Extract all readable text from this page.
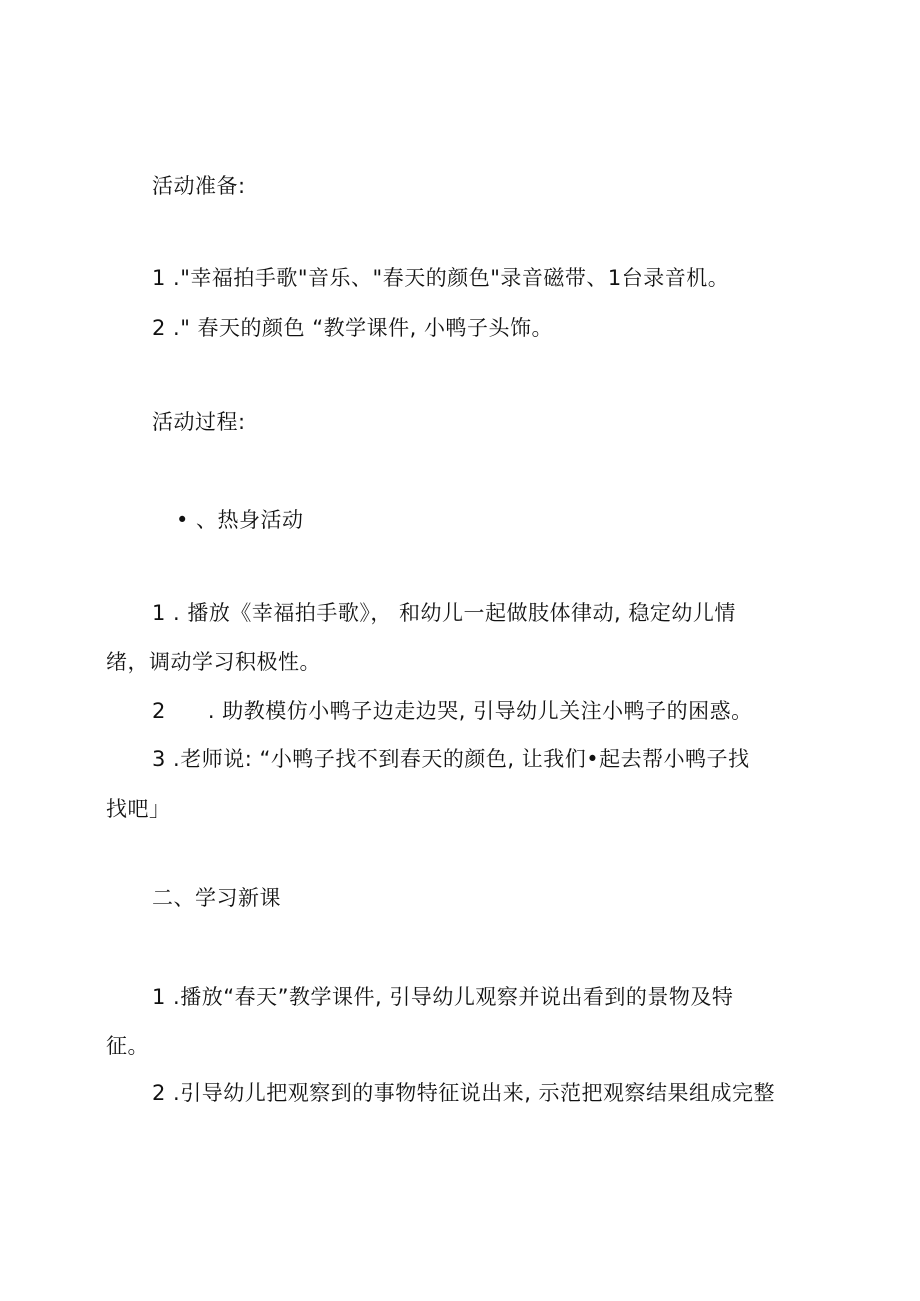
活动准备:
1 ."幸福拍手歌"音乐、"春天的颜色"录音磁带、1台录音机。
2 ." 春天的颜色 “教学课件, 小鸭子头饰。
活动过程:
• 、热身活动
1 . 播放《幸福拍手歌》， 和幼儿一起做肢体律动, 稳定幼儿情
绪，调动学习积极性。
2 . 助教模仿小鸭子边走边哭, 引导幼儿关注小鸭子的困惑。
3 .老师说: “小鸭子找不到春天的颜色, 让我们•起去帮小鸭子找
找吧」
二、学习新课
1 .播放“春天”教学课件, 引导幼儿观察并说出看到的景物及特
征。
2 .引导幼儿把观察到的事物特征说出来, 示范把观察结果组成完整
